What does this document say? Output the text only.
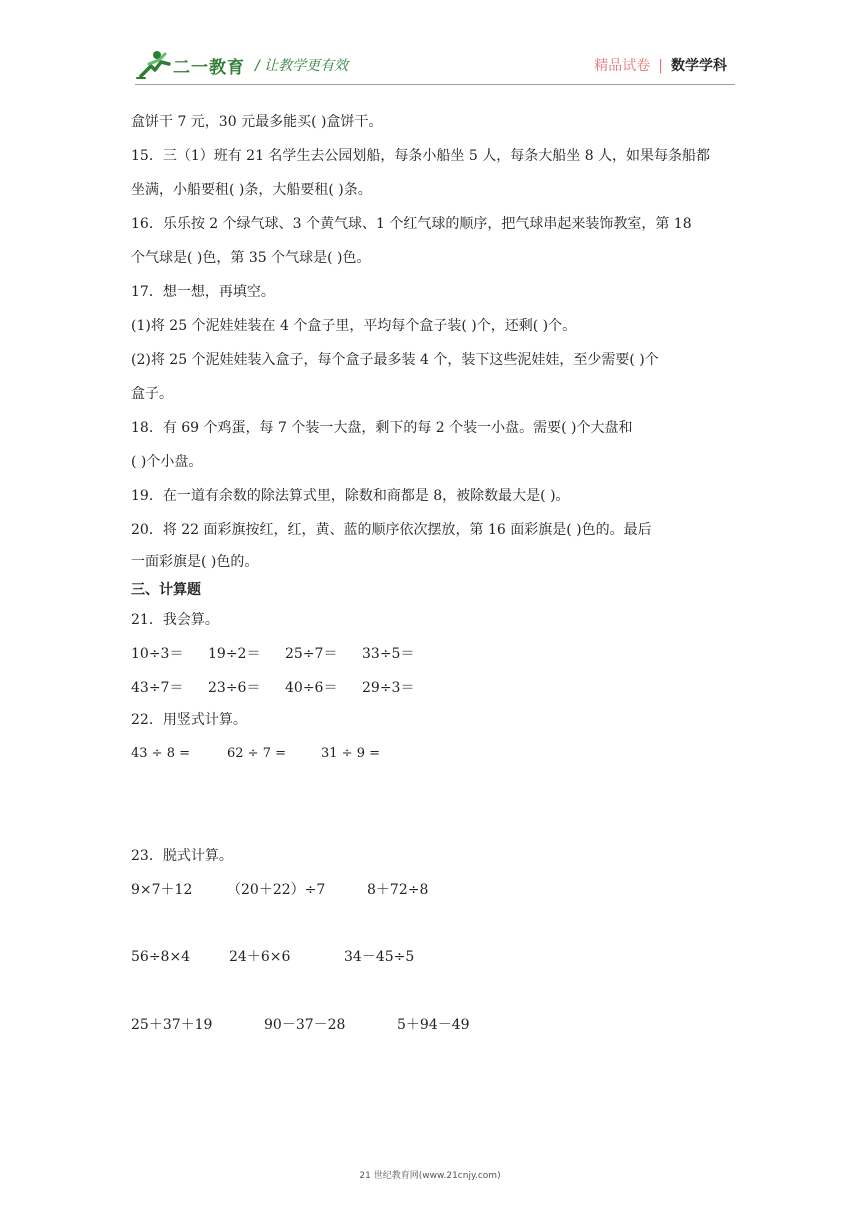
二一教育 / 让教学更有效	精品试卷 | 数学学科
盒饼干 7 元，30 元最多能买( )盒饼干。
15．三（1）班有 21 名学生去公园划船，每条小船坐 5 人，每条大船坐 8 人，如果每条船都
坐满，小船要租( )条，大船要租( )条。
16．乐乐按 2 个绿气球、3 个黄气球、1 个红气球的顺序，把气球串起来装饰教室，第 18
个气球是( )色，第 35 个气球是( )色。
17．想一想，再填空。
(1)将 25 个泥娃娃装在 4 个盒子里，平均每个盒子装( )个，还剩( )个。
(2)将 25 个泥娃娃装入盒子，每个盒子最多装 4 个，装下这些泥娃娃，至少需要( )个
盒子。
18．有 69 个鸡蛋，每 7 个装一大盘，剩下的每 2 个装一小盘。需要( )个大盘和
( )个小盘。
19．在一道有余数的除法算式里，除数和商都是 8，被除数最大是( )。
20．将 22 面彩旗按红，红，黄、蓝的顺序依次摆放，第 16 面彩旗是( )色的。最后
一面彩旗是( )色的。
三、计算题
21．我会算。
10÷3＝ 19÷2＝ 25÷7＝ 33÷5＝
43÷7＝ 23÷6＝ 40÷6＝ 29÷3＝
22．用竖式计算。
43 ÷ 8 =	62 ÷ 7 =	31 ÷ 9 =
23．脱式计算。
9×7＋12 （20＋22）÷7	8＋72÷8
56÷8×4	24＋6×6	34－45÷5
25＋37＋19	90－37－28	5＋94－49
21 世纪教育网(www.21cnjy.com)
